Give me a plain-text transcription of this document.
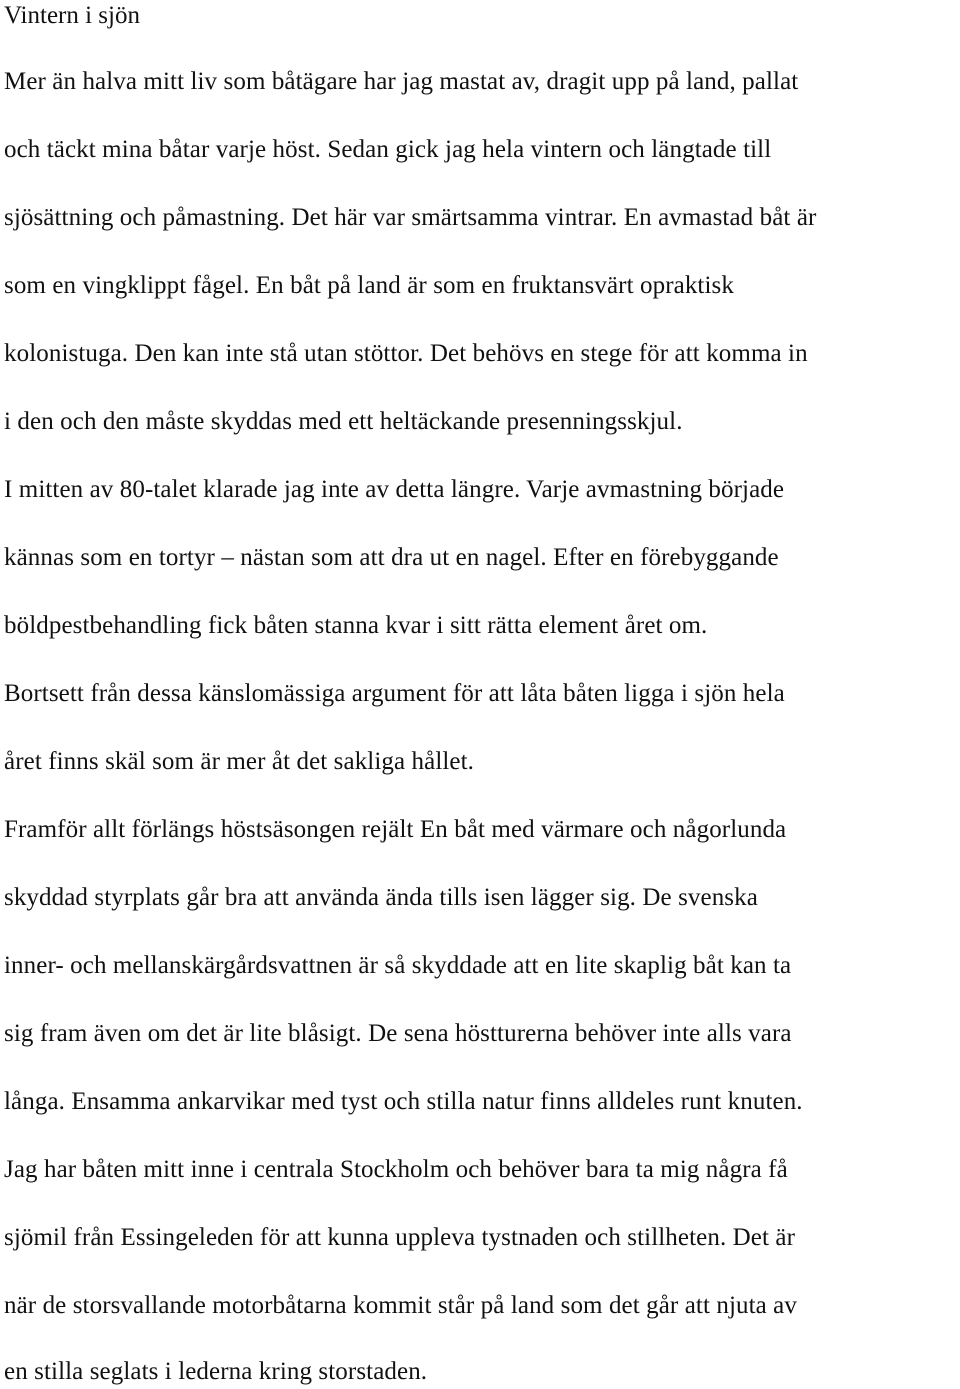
Vintern i sjön
Mer än halva mitt liv som båtägare har jag mastat av, dragit upp på land, pallat
och täckt mina båtar varje höst. Sedan gick jag hela vintern och längtade till
sjösättning och påmastning. Det här var smärtsamma vintrar. En avmastad båt är
som en vingklippt fågel. En båt på land är som en fruktansvärt opraktisk
kolonistuga. Den kan inte stå utan stöttor. Det behövs en stege för att komma in
i den och den måste skyddas med ett heltäckande presenningsskjul.
I mitten av 80-talet klarade jag inte av detta längre. Varje avmastning började
kännas som en tortyr – nästan som att dra ut en nagel. Efter en förebyggande
böldpestbehandling fick båten stanna kvar i sitt rätta element året om.
Bortsett från dessa känslomässiga argument för att låta båten ligga i sjön hela
året finns skäl som är mer åt det sakliga hållet.
Framför allt förlängs höstsäsongen rejält En båt med värmare och någorlunda
skyddad styrplats går bra att använda ända tills isen lägger sig. De svenska
inner- och mellanskärgårdsvattnen är så skyddade att en lite skaplig båt kan ta
sig fram även om det är lite blåsigt. De sena höstturerna behöver inte alls vara
långa. Ensamma ankarvikar med tyst och stilla natur finns alldeles runt knuten.
Jag har båten mitt inne i centrala Stockholm och behöver bara ta mig några få
sjömil från Essingeleden för att kunna uppleva tystnaden och stillheten. Det är
när de storsvallande motorbåtarna kommit står på land som det går att njuta av
en stilla seglats i lederna kring storstaden.
